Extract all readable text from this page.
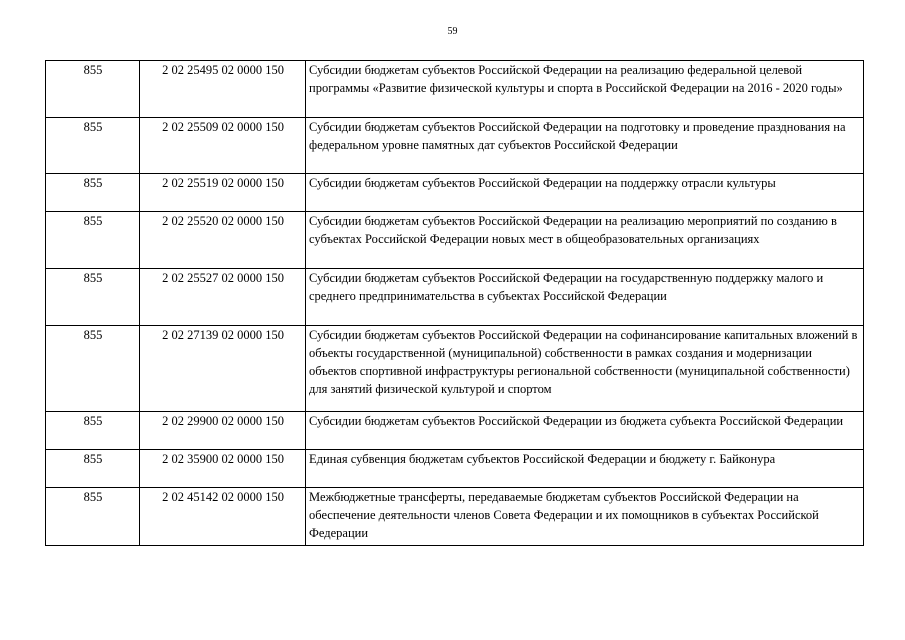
59
855	2 02 25495 02 0000 150	Субсидии бюджетам субъектов Российской Федерации на реализацию федеральной целевой программы «Развитие физической культуры и спорта в Российской Федерации на 2016 - 2020 годы»
855	2 02 25509 02 0000 150	Субсидии бюджетам субъектов Российской Федерации на подготовку и проведение празднования на федеральном уровне памятных дат субъектов Российской Федерации
855	2 02 25519 02 0000 150	Субсидии бюджетам субъектов Российской Федерации на поддержку отрасли культуры
855	2 02 25520 02 0000 150	Субсидии бюджетам субъектов Российской Федерации на реализацию мероприятий по созданию в субъектах Российской Федерации новых мест в общеобразовательных организациях
855	2 02 25527 02 0000 150	Субсидии бюджетам субъектов Российской Федерации на государственную поддержку малого и среднего предпринимательства в субъектах Российской Федерации
855	2 02 27139 02 0000 150	Субсидии бюджетам субъектов Российской Федерации на софинансирование капитальных вложений в объекты государственной (муниципальной) собственности в рамках создания и модернизации объектов спортивной инфраструктуры региональной собственности (муниципальной собственности) для занятий физической культурой и спортом
855	2 02 29900 02 0000 150	Субсидии бюджетам субъектов Российской Федерации из бюджета субъекта Российской Федерации
855	2 02 35900 02 0000 150	Единая субвенция бюджетам субъектов Российской Федерации и бюджету г. Байконура
855	2 02 45142 02 0000 150	Межбюджетные трансферты, передаваемые бюджетам субъектов Российской Федерации на обеспечение деятельности членов Совета Федерации и их помощников в субъектах Российской Федерации
